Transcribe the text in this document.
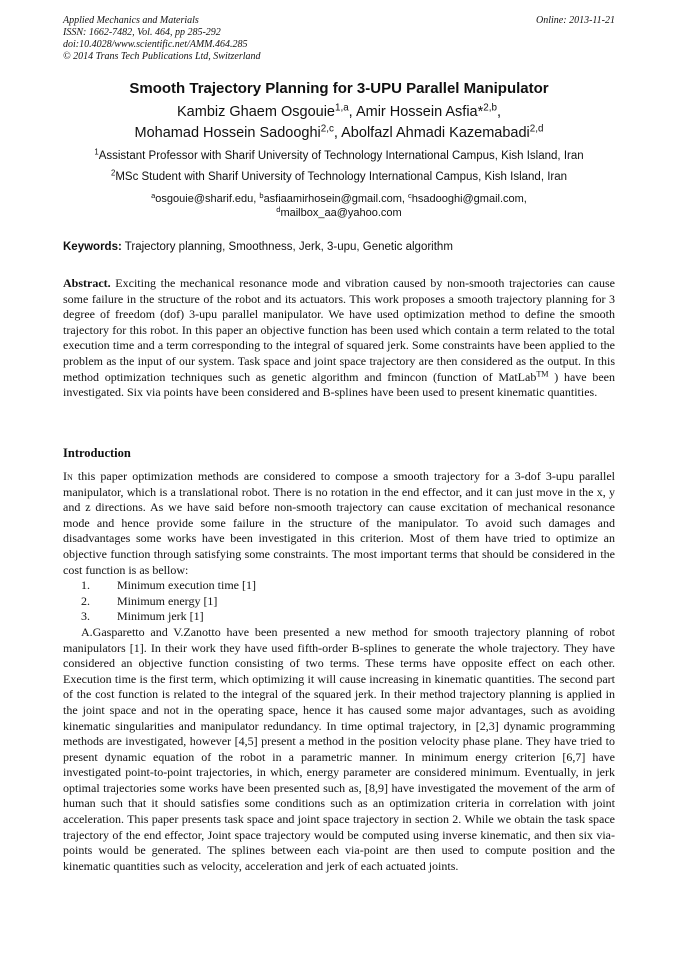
Applied Mechanics and Materials
ISSN: 1662-7482, Vol. 464, pp 285-292
doi:10.4028/www.scientific.net/AMM.464.285
© 2014 Trans Tech Publications Ltd, Switzerland
Online: 2013-11-21
Smooth Trajectory Planning for 3-UPU Parallel Manipulator
Kambiz Ghaem Osgouie$^{1,a}$, Amir Hossein Asfia*$^{2,b}$,
Mohamad Hossein Sadooghi$^{2,c}$, Abolfazl Ahmadi Kazemabadi$^{2,d}$
$^1$Assistant Professor with Sharif University of Technology International Campus, Kish Island, Iran
$^2$MSc Student with Sharif University of Technology International Campus, Kish Island, Iran
$^a$osgouie@sharif.edu, $^b$asfiaamirhosein@gmail.com, $^c$hsadooghi@gmail.com,
$^d$mailbox_aa@yahoo.com
Keywords: Trajectory planning, Smoothness, Jerk, 3-upu, Genetic algorithm
Abstract. Exciting the mechanical resonance mode and vibration caused by non-smooth trajectories can cause some failure in the structure of the robot and its actuators. This work proposes a smooth trajectory planning for 3 degree of freedom (dof) 3-upu parallel manipulator. We have used optimization method to define the smooth trajectory for this robot. In this paper an objective function has been used which contain a term related to the total execution time and a term corresponding to the integral of squared jerk. Some constraints have been applied to the problem as the input of our system. Task space and joint space trajectory are then considered as the output. In this method optimization techniques such as genetic algorithm and fmincon (function of MatLab™ ) have been investigated. Six via points have been considered and B-splines have been used to present kinematic quantities.
Introduction

In this paper optimization methods are considered to compose a smooth trajectory for a 3-dof 3-upu parallel manipulator, which is a translational robot. There is no rotation in the end effector, and it can just move in the x, y and z directions. As we have said before non-smooth trajectory can cause excitation of mechanical resonance mode and hence provide some failure in the structure of the manipulator. To avoid such damages and disadvantages some works have been investigated in this criterion. Most of them have tried to optimize an objective function through satisfying some constraints. The most important terms that should be considered in the cost function is as bellow:

1.	Minimum execution time [1]
2.	Minimum energy [1]
3.	Minimum jerk [1]

A.Gasparetto and V.Zanotto have been presented a new method for smooth trajectory planning of robot manipulators [1]. In their work they have used fifth-order B-splines to generate the whole trajectory. They have considered an objective function consisting of two terms. These terms have opposite effect on each other. Execution time is the first term, which optimizing it will cause increasing in kinematic quantities. The second part of the cost function is related to the integral of the squared jerk. In their method trajectory planning is applied in the joint space and not in the operating space, hence it has caused some major advantages, such as avoiding kinematic singularities and manipulator redundancy. In time optimal trajectory, in [2,3] dynamic programming methods are investigated, however [4,5] present a method in the position velocity phase plane. They have tried to present dynamic equation of the robot in a parametric manner. In minimum energy criterion [6,7] have investigated point-to-point trajectories, in which, energy parameter are considered minimum. Eventually, in jerk optimal trajectories some works have been presented such as, [8,9] have investigated the movement of the arm of human such that it should satisfies some conditions such as an optimization criteria in correlation with joint acceleration. This paper presents task space and joint space trajectory in section 2. While we obtain the task space trajectory of the end effector, Joint space trajectory would be computed using inverse kinematic, and then six via-points would be generated. The splines between each via-point are then used to compute position and the kinematic quantities such as velocity, acceleration and jerk of each actuated joints.
